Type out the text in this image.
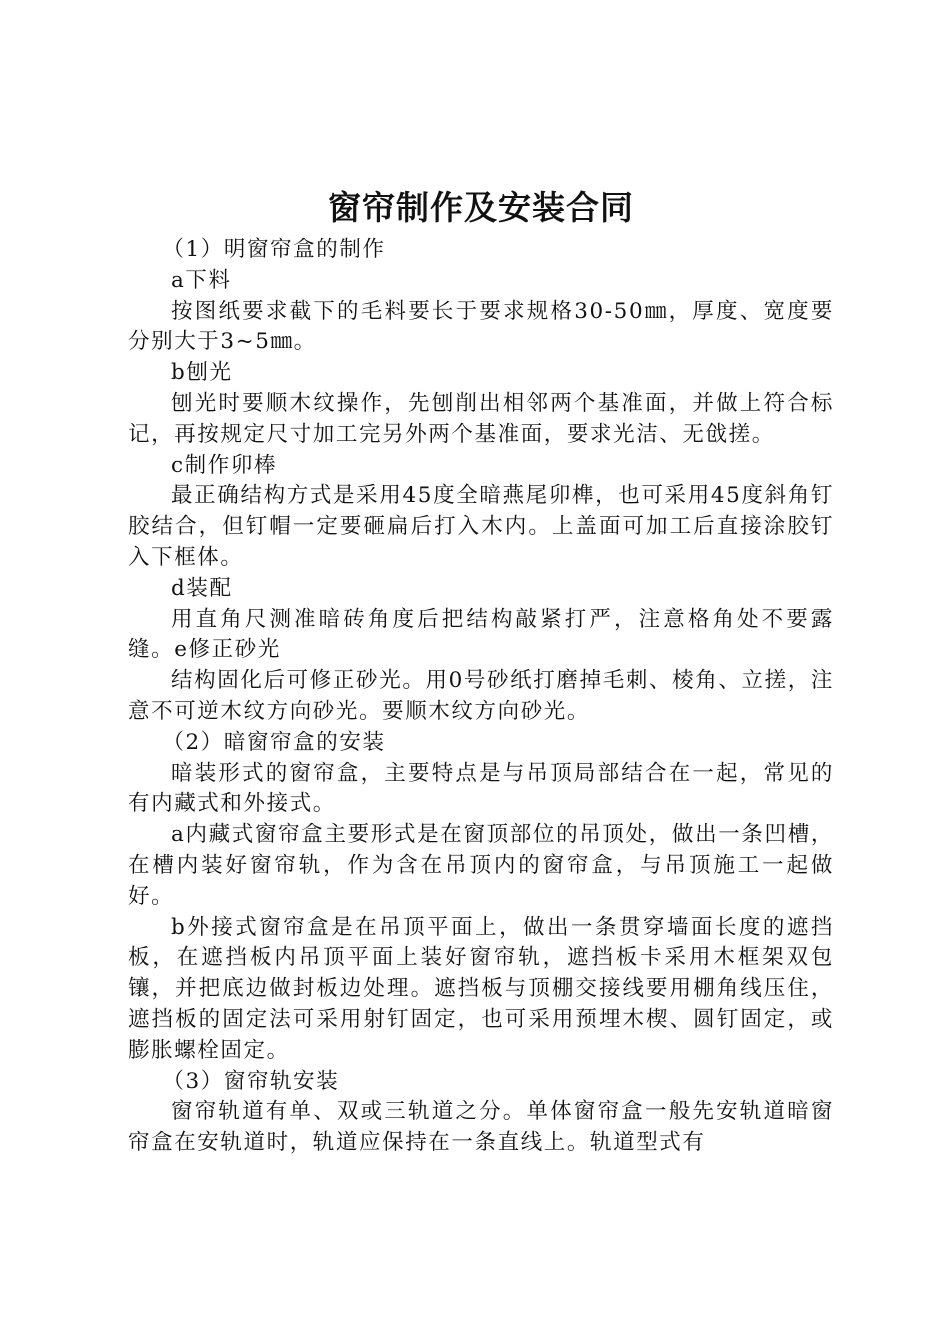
窗帘制作及安装合同

（1）明窗帘盒的制作

a下料

按图纸要求截下的毛料要长于要求规格30-50㎜，厚度、宽度要分别大于3~5㎜。

b刨光

刨光时要顺木纹操作，先刨削出相邻两个基准面，并做上符合标记，再按规定尺寸加工完另外两个基准面，要求光洁、无戗搓。

c制作卯棒

最正确结构方式是采用45度全暗燕尾卯榫，也可采用45度斜角钉胶结合，但钉帽一定要砸扁后打入木内。上盖面可加工后直接涂胶钉入下框体。

d装配

用直角尺测准暗砖角度后把结构敲紧打严，注意格角处不要露缝。e修正砂光

结构固化后可修正砂光。用0号砂纸打磨掉毛刺、棱角、立搓，注意不可逆木纹方向砂光。要顺木纹方向砂光。

（2）暗窗帘盒的安装

暗装形式的窗帘盒，主要特点是与吊顶局部结合在一起，常见的有内藏式和外接式。

a内藏式窗帘盒主要形式是在窗顶部位的吊顶处，做出一条凹槽，在槽内装好窗帘轨，作为含在吊顶内的窗帘盒，与吊顶施工一起做好。

b外接式窗帘盒是在吊顶平面上，做出一条贯穿墙面长度的遮挡板，在遮挡板内吊顶平面上装好窗帘轨，遮挡板卡采用木框架双包镶，并把底边做封板边处理。遮挡板与顶棚交接线要用棚角线压住，遮挡板的固定法可采用射钉固定，也可采用预埋木楔、圆钉固定，或膨胀螺栓固定。

（3）窗帘轨安装

窗帘轨道有单、双或三轨道之分。单体窗帘盒一般先安轨道暗窗帘盒在安轨道时，轨道应保持在一条直线上。轨道型式有
